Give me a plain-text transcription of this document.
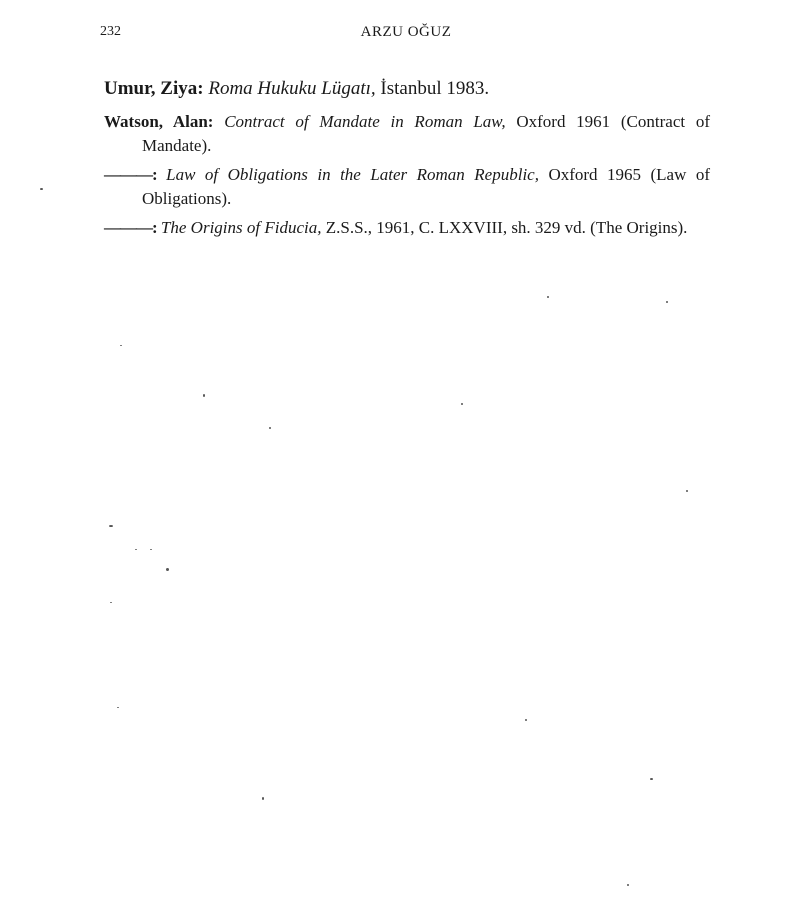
232	ARZU OĞUZ

Umur, Ziya: Roma Hukuku Lügatı, İstanbul 1983.

Watson, Alan: Contract of Mandate in Roman Law, Oxford 1961 (Contract of Mandate).

———: Law of Obligations in the Later Roman Republic, Oxford 1965 (Law of Obligations).

———: The Origins of Fiducia, Z.S.S., 1961, C. LXXVIII, sh. 329 vd. (The Origins).
